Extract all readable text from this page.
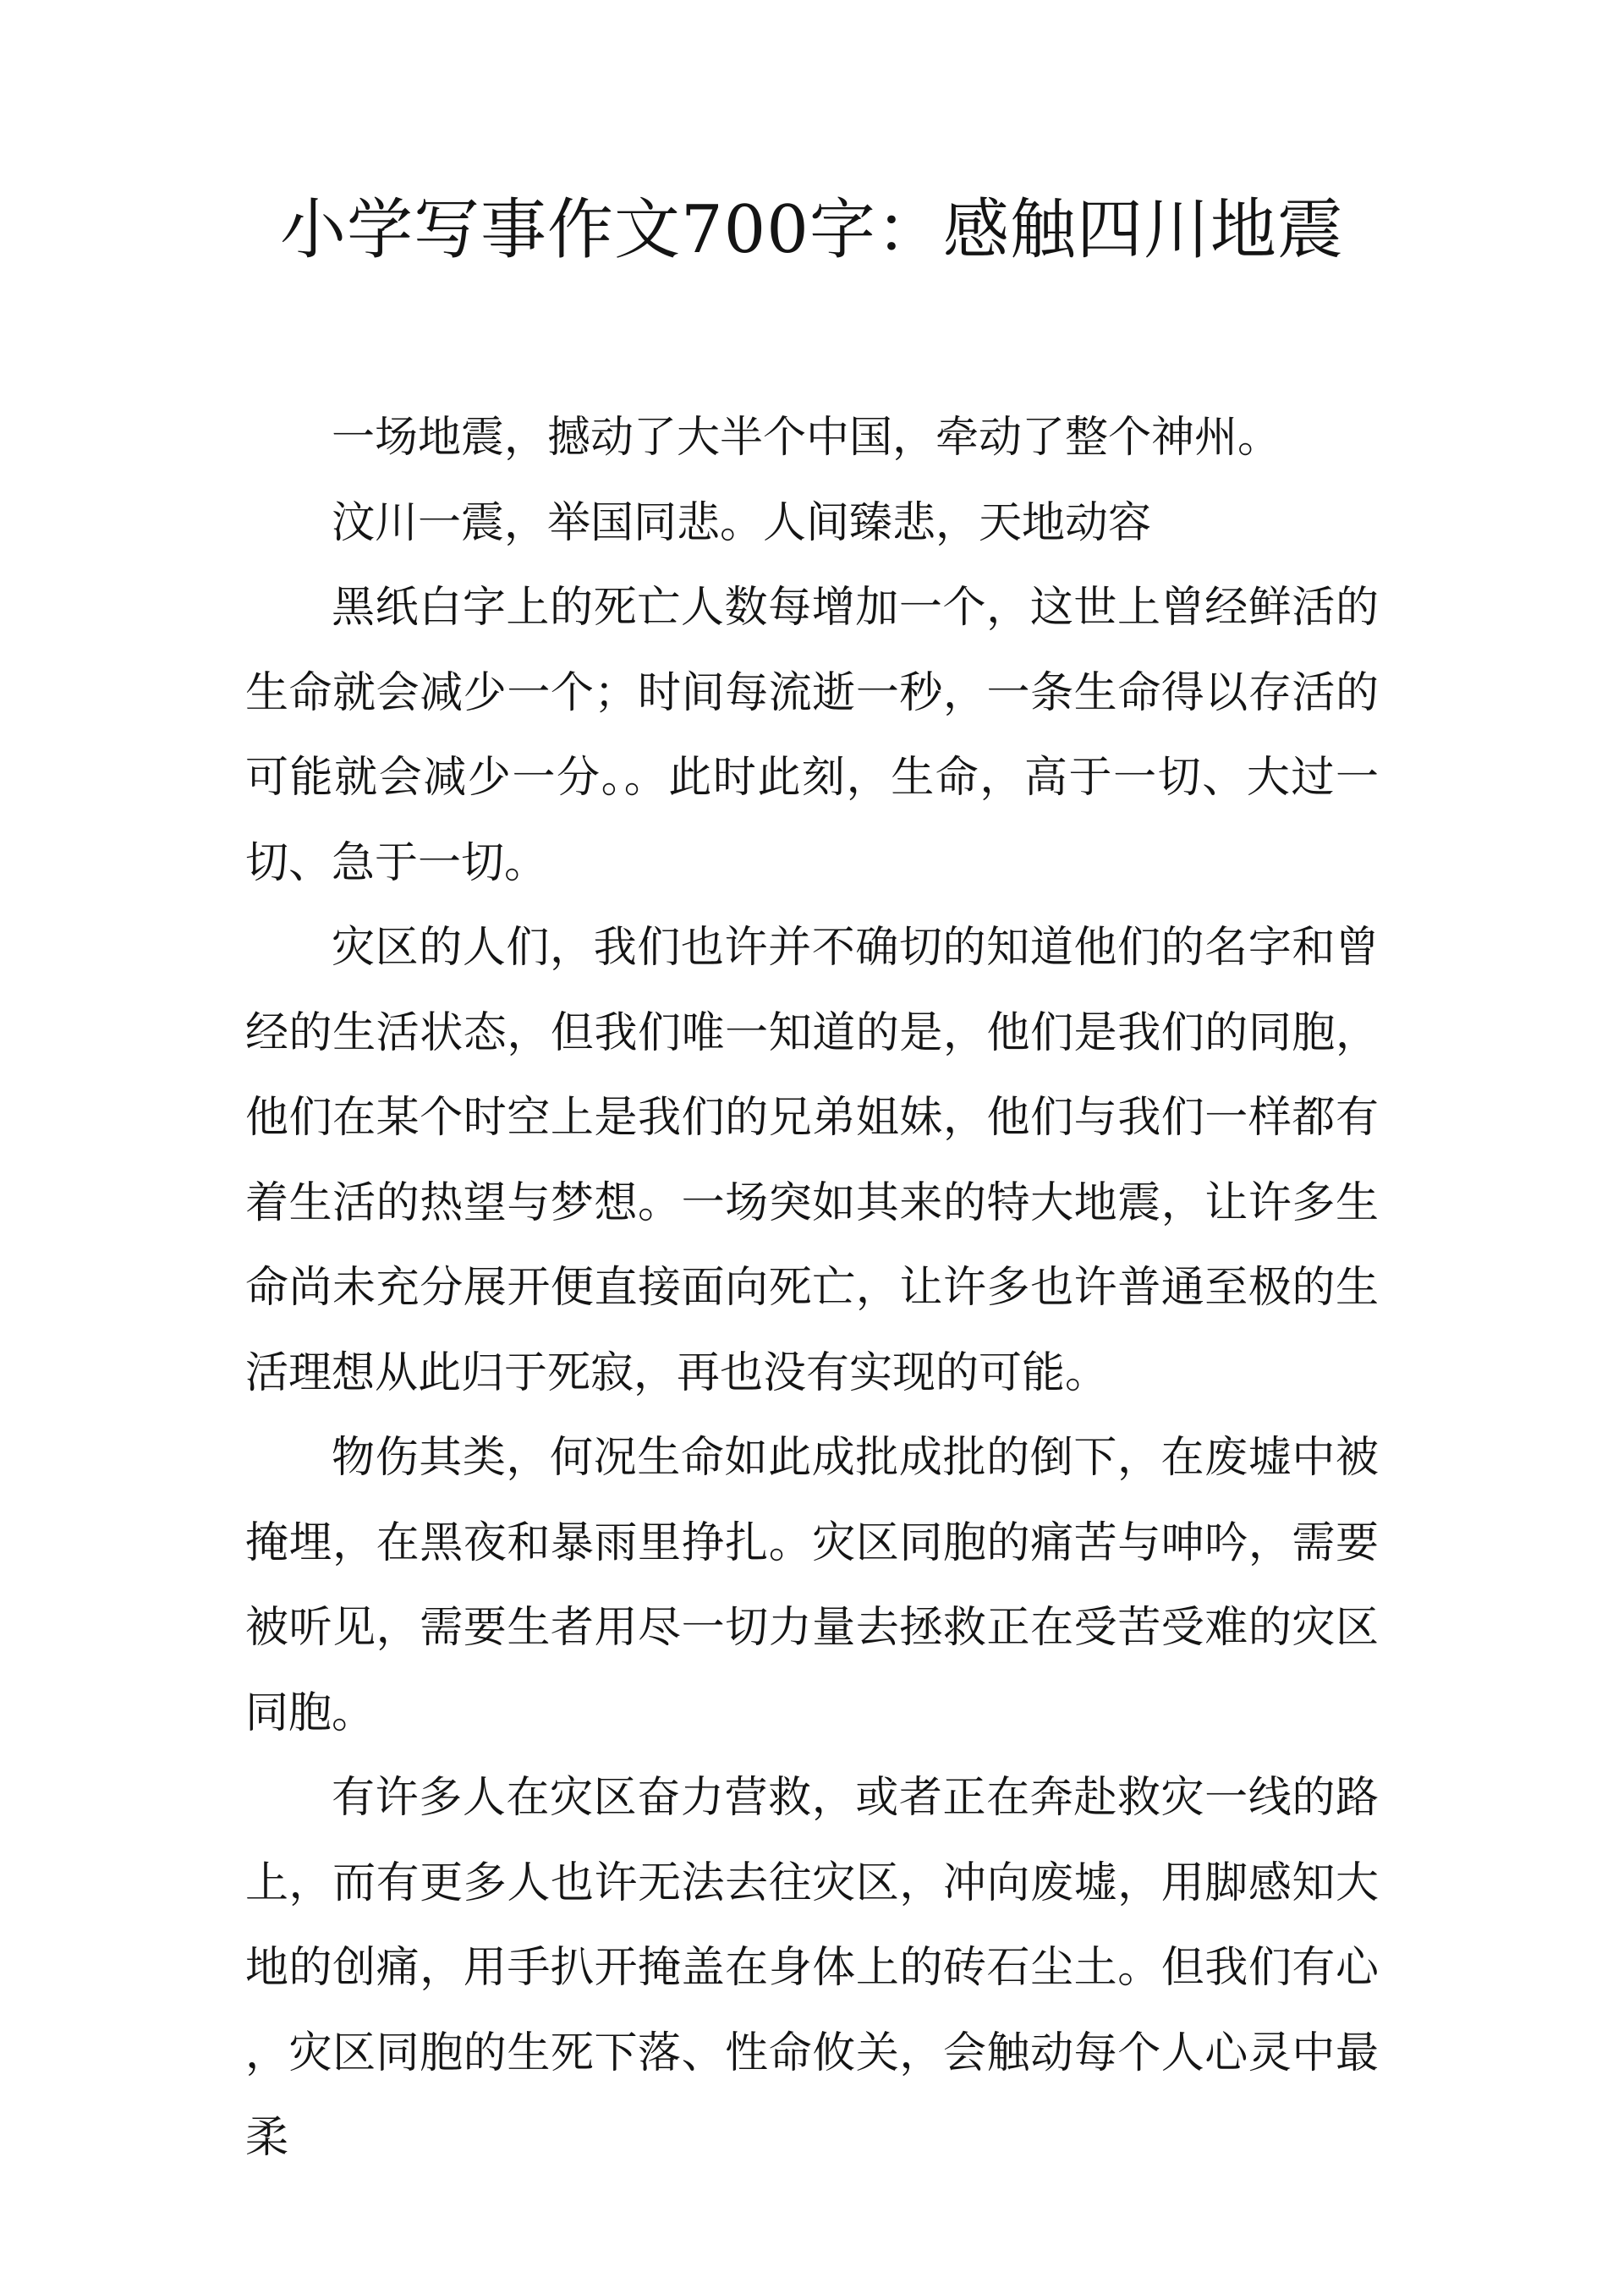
小学写事作文700字：感触四川地震

一场地震，撼动了大半个中国，牵动了整个神州。

汶川一震，举国同悲。人间臻悲，天地动容

黑纸白字上的死亡人数每增加一个，这世上曾经鲜活的生命就会减少一个；时间每流逝一秒，一条生命得以存活的可能就会减少一分。。此时此刻，生命，高于一切、大过一切、急于一切。

灾区的人们，我们也许并不确切的知道他们的名字和曾经的生活状态，但我们唯一知道的是，他们是我们的同胞，他们在某个时空上是我们的兄弟姐妹，他们与我们一样都有着生活的热望与梦想。一场突如其来的特大地震，让许多生命尚未充分展开便直接面向死亡，让许多也许普通至极的生活理想从此归于死寂，再也没有实现的可能。

物伤其类，何况生命如此成批成批的倒下，在废墟中被掩埋，在黑夜和暴雨里挣扎。灾区同胞的痛苦与呻吟，需要被听见，需要生者用尽一切力量去拯救正在受苦受难的灾区同胞。

有许多人在灾区奋力营救，或者正在奔赴救灾一线的路上，而有更多人也许无法去往灾区，冲向废墟，用脚感知大地的创痛，用手扒开掩盖在身体上的砖石尘土。但我们有心，灾区同胞的生死下落、性命攸关，会触动每个人心灵中最柔
